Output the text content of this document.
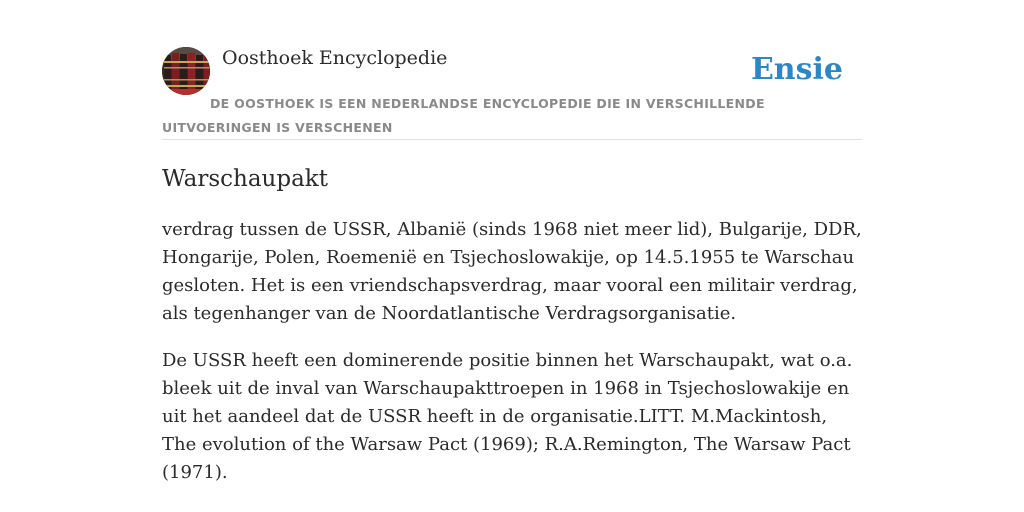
Oosthoek Encyclopedie	Ensie
DE OOSTHOEK IS EEN NEDERLANDSE ENCYCLOPEDIE DIE IN VERSCHILLENDE UITVOERINGEN IS VERSCHENEN
Warschaupakt

verdrag tussen de USSR, Albanië (sinds 1968 niet meer lid), Bulgarije, DDR, Hongarije, Polen, Roemenië en Tsjechoslowakije, op 14.5.1955 te Warschau gesloten. Het is een vriendschapsverdrag, maar vooral een militair verdrag, als tegenhanger van de Noordatlantische Verdragsorganisatie.

De USSR heeft een dominerende positie binnen het Warschaupakt, wat o.a. bleek uit de inval van Warschaupakttroepen in 1968 in Tsjechoslowakije en uit het aandeel dat de USSR heeft in de organisatie.LITT. M.Mackintosh, The evolution of the Warsaw Pact (1969); R.A.Remington, The Warsaw Pact (1971).
